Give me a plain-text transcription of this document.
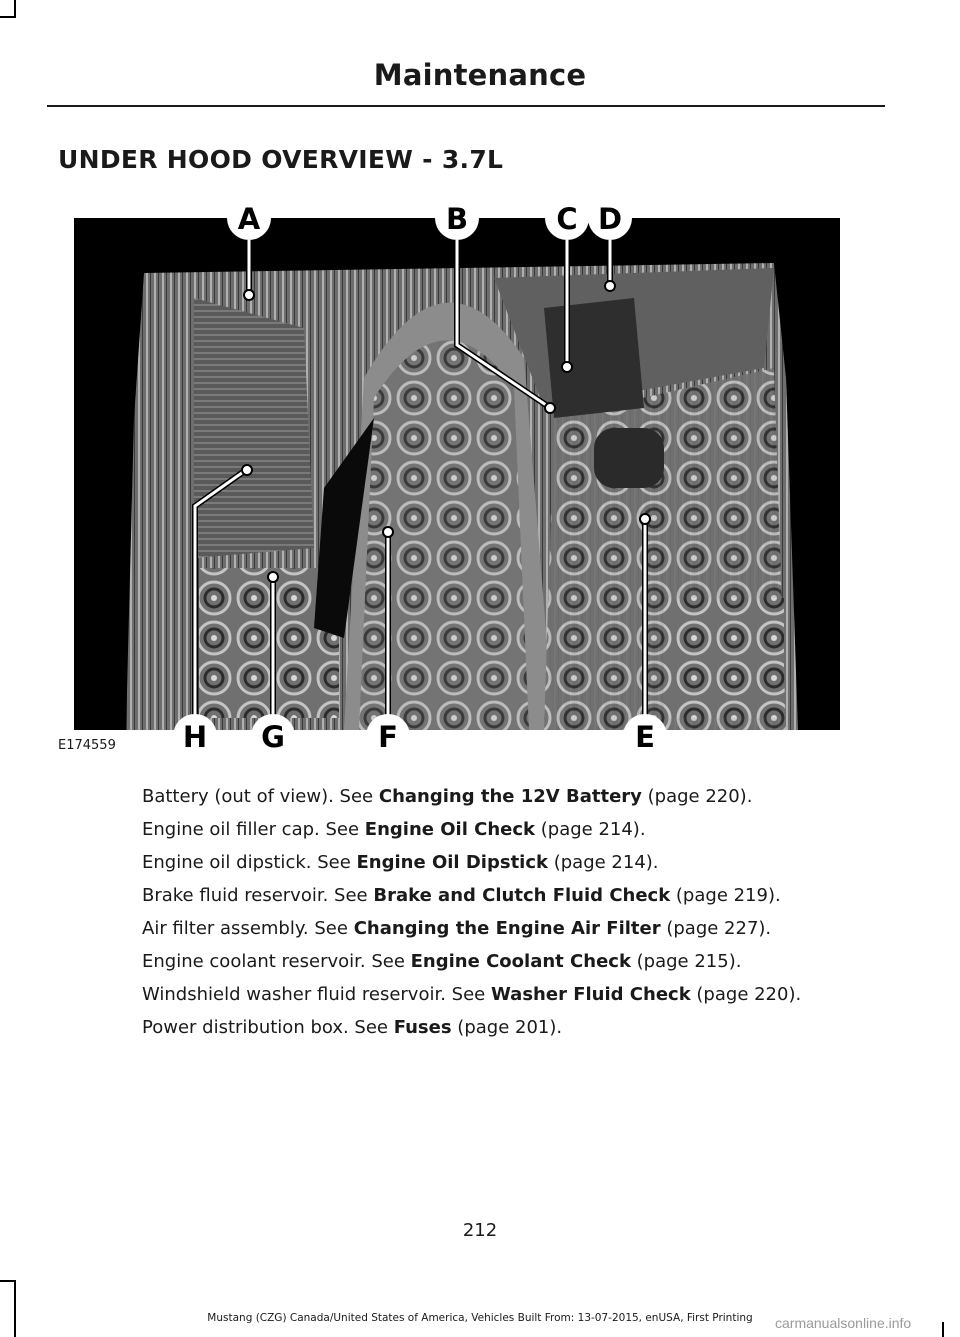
Maintenance
UNDER HOOD OVERVIEW - 3.7L
A	B	C D
E
F
G
H
E174559
Battery (out of view). See Changing the 12V Battery (page 220).
Engine oil filler cap. See Engine Oil Check (page 214).
Engine oil dipstick. See Engine Oil Dipstick (page 214).
Brake fluid reservoir. See Brake and Clutch Fluid Check (page 219).
Air filter assembly. See Changing the Engine Air Filter (page 227).
Engine coolant reservoir. See Engine Coolant Check (page 215).
Windshield washer fluid reservoir. See Washer Fluid Check (page 220).
Power distribution box. See Fuses (page 201).
212
Mustang (CZG) Canada/United States of America, Vehicles Built From: 13-07-2015, enUSA, First Printing	carmanualsonline.info
